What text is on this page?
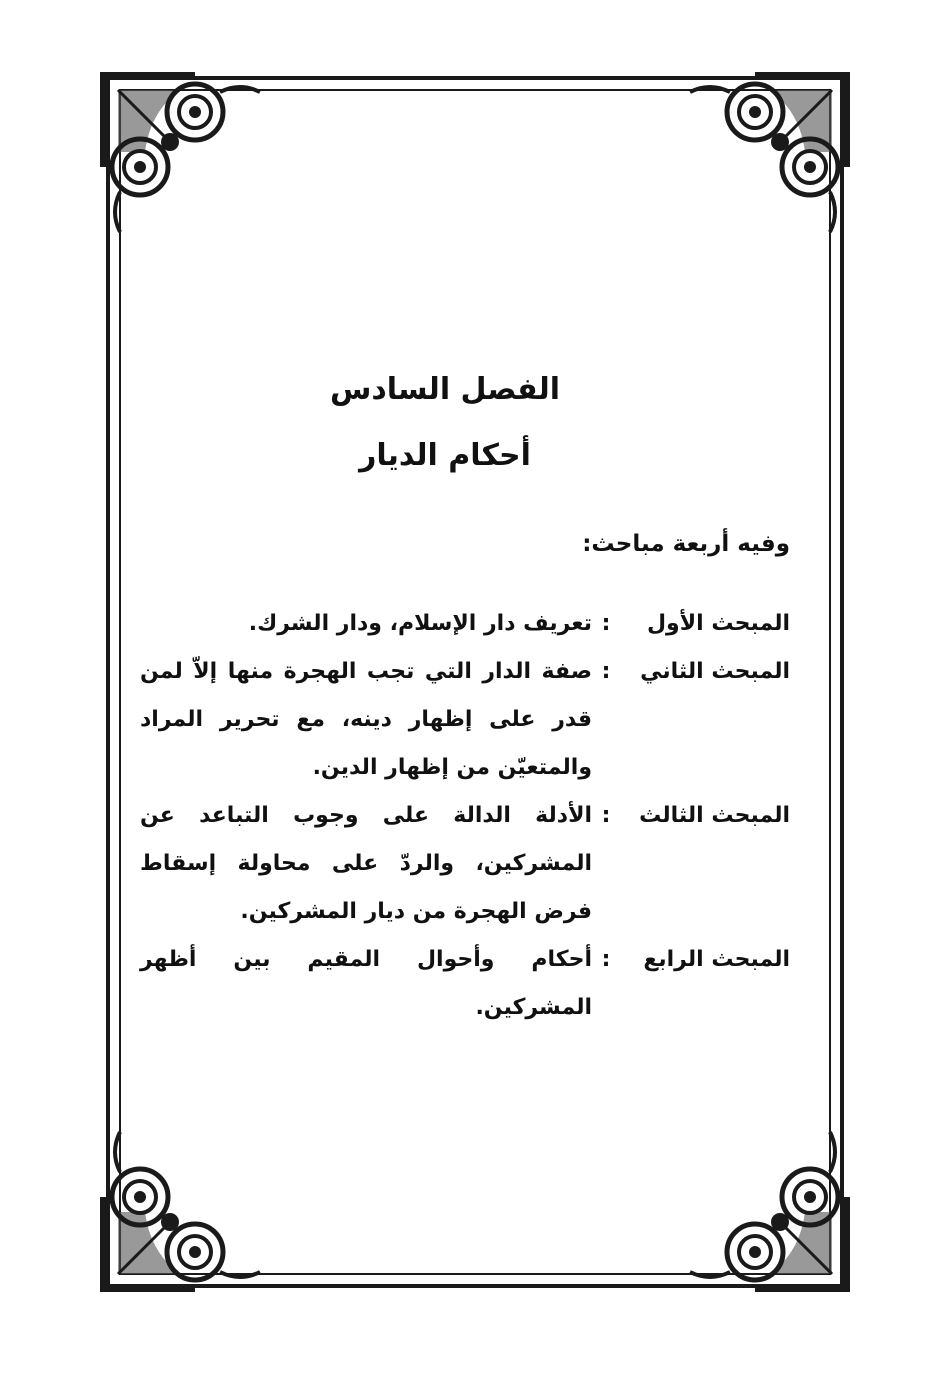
الفصل السادس
أحكام الديار
وفيه أربعة مباحث:
المبحث الأول
:
تعريف دار الإسلام، ودار الشرك.
المبحث الثاني
:
صفة الدار التي تجب الهجرة منها إلاّ لمن قدر على إظهار دينه، مع تحرير المراد والمتعيّن من إظهار الدين.
المبحث الثالث
:
الأدلة الدالة على وجوب التباعد عن المشركين، والردّ على محاولة إسقاط فرض الهجرة من ديار المشركين.
المبحث الرابع
:
أحكام وأحوال المقيم بين أظهر المشركين.
